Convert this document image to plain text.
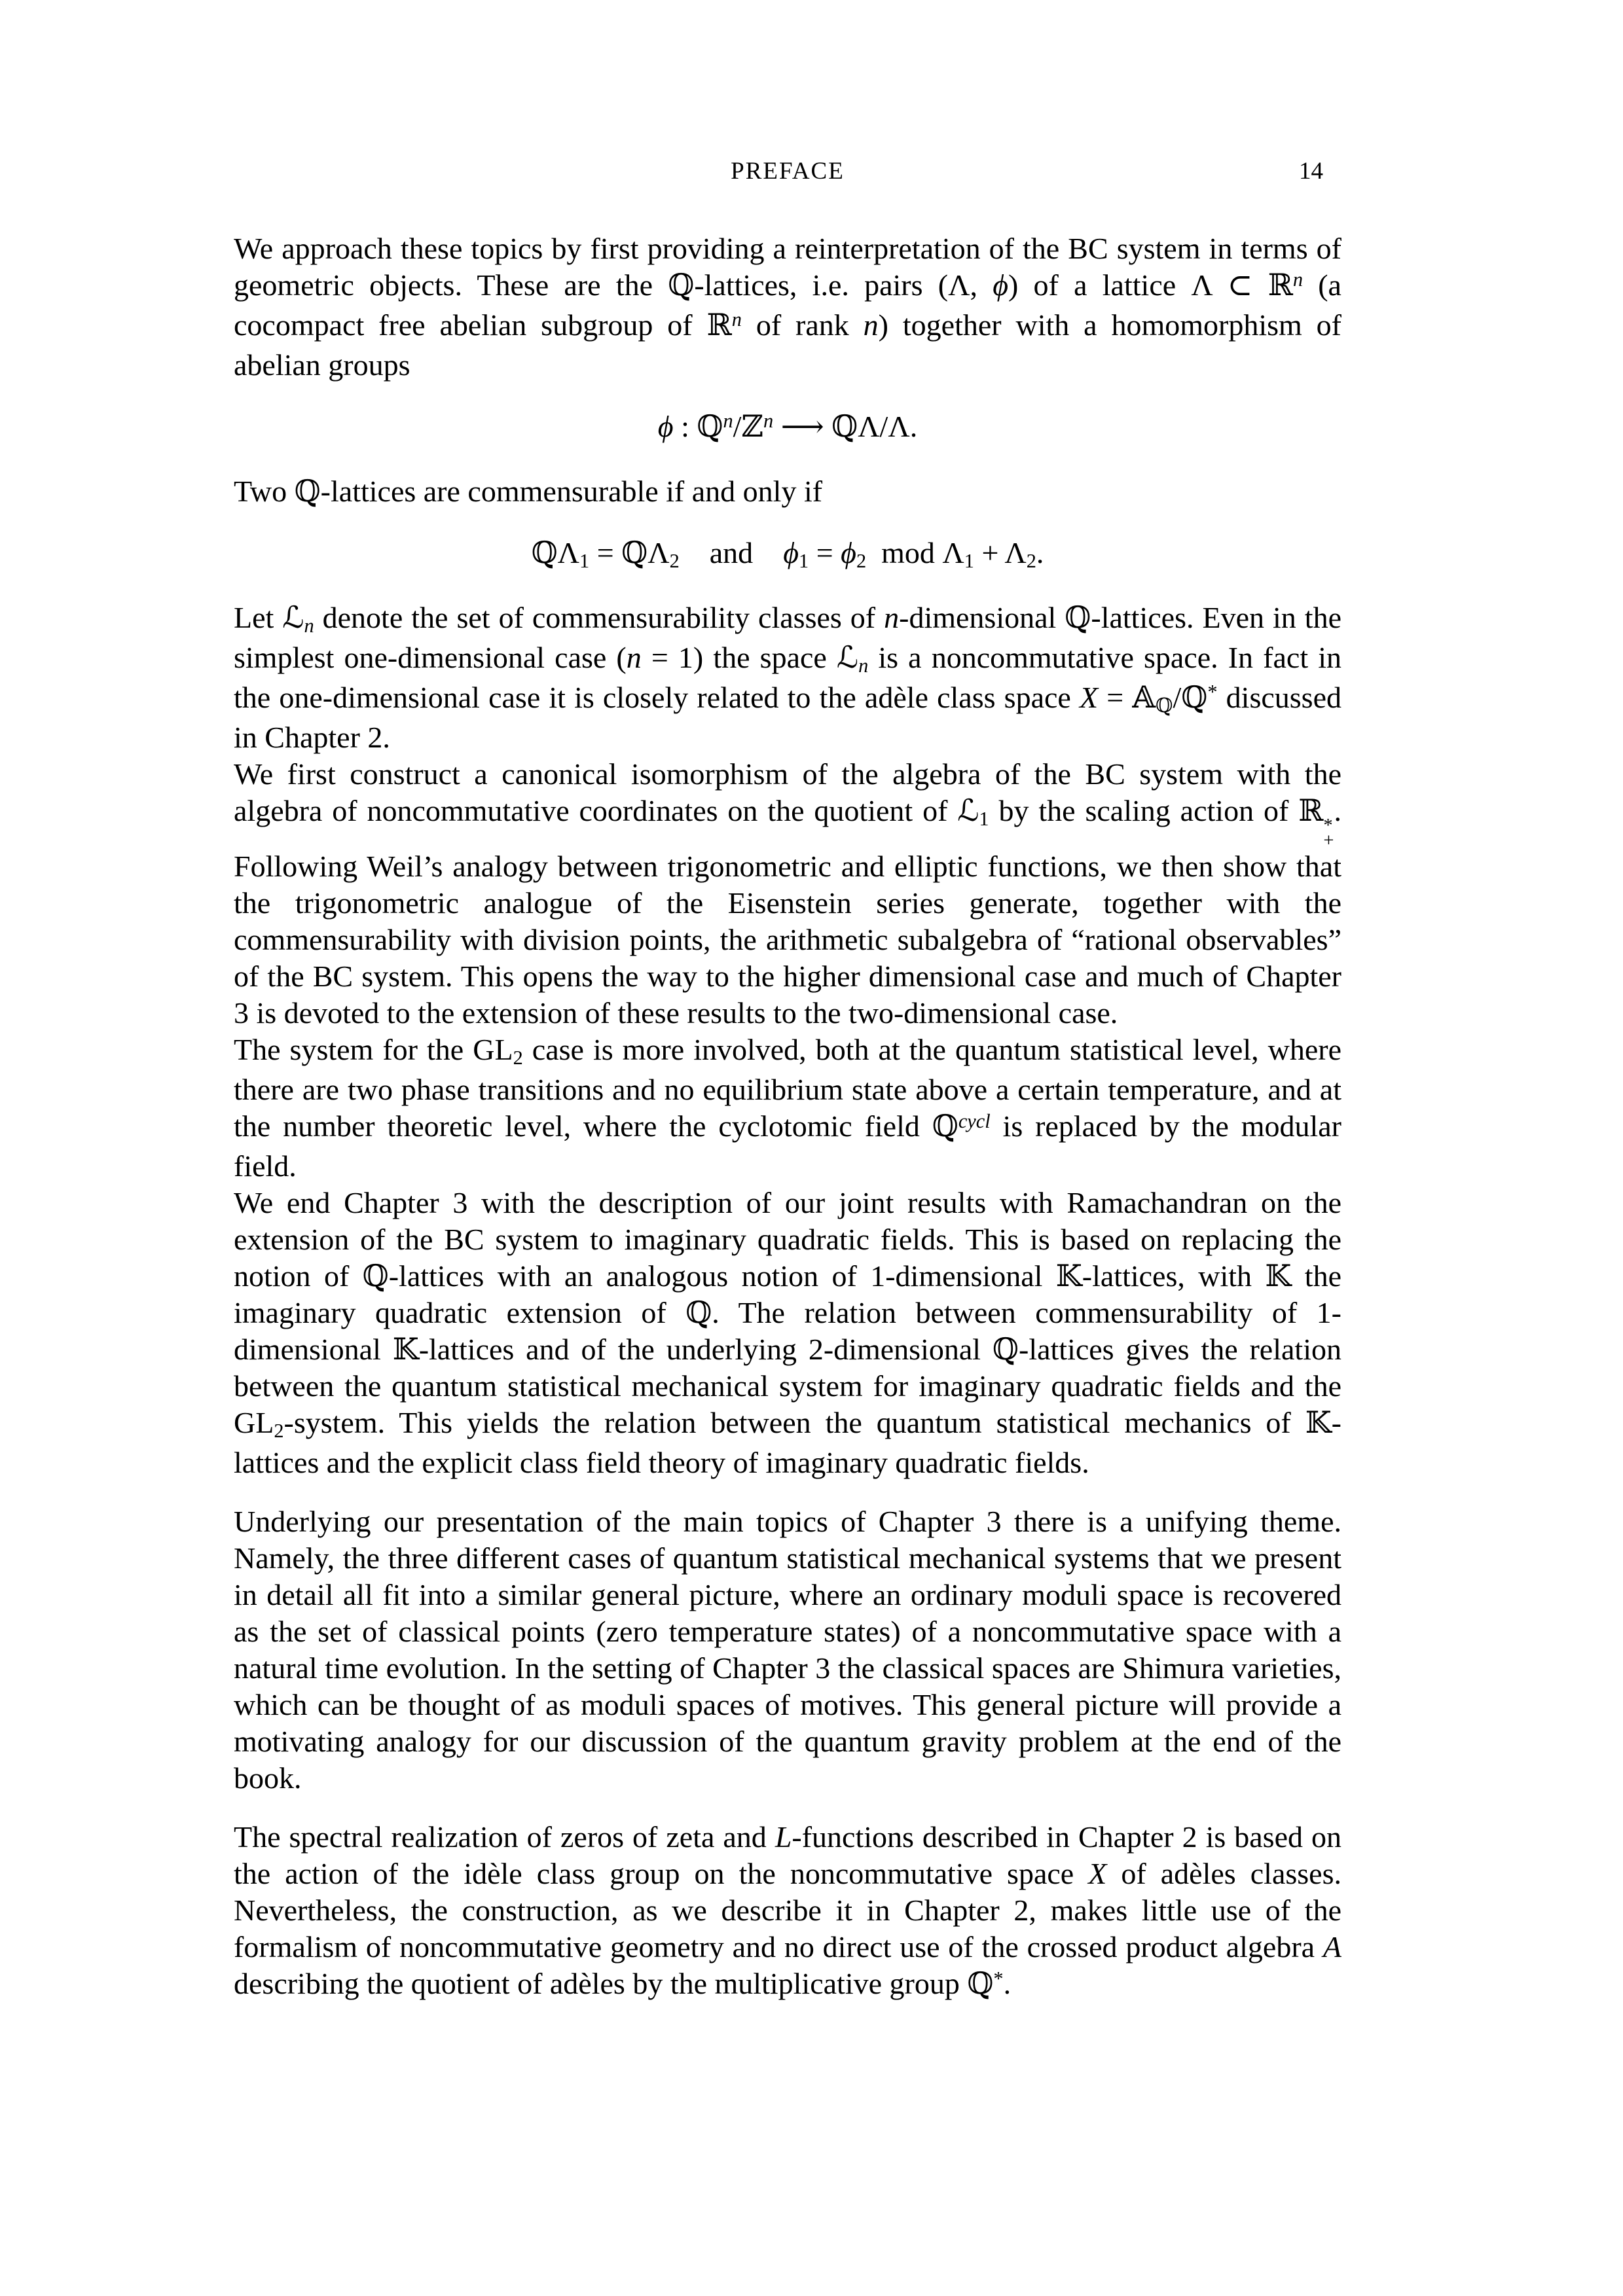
PREFACE	14
We approach these topics by first providing a reinterpretation of the BC system in terms of geometric objects. These are the ℚ-lattices, i.e. pairs (Λ, ϕ) of a lattice Λ ⊂ ℝ$^n$ (a cocompact free abelian subgroup of ℝ$^n$ of rank n) together with a homomorphism of abelian groups
ϕ : ℚ$^n$/ℤ$^n$ ⟶ ℚΛ/Λ.
Two ℚ-lattices are commensurable if and only if
ℚΛ1 = ℚΛ2 and ϕ1 = ϕ2 mod Λ1 + Λ2.
Let ℒn denote the set of commensurability classes of n-dimensional ℚ-lattices. Even in the simplest one-dimensional case (n = 1) the space ℒn is a noncommutative space. In fact in the one-dimensional case it is closely related to the adèle class space X = 𝔸ℚ/ℚ* discussed in Chapter 2.
We first construct a canonical isomorphism of the algebra of the BC system with the algebra of noncommutative coordinates on the quotient of ℒ1 by the scaling action of ℝ *
+
. Following Weil’s analogy between trigonometric and elliptic functions, we then show that the trigonometric analogue of the Eisenstein series generate, together with the commensurability with division points, the arithmetic subalgebra of “rational observables” of the BC system. This opens the way to the higher dimensional case and much of Chapter 3 is devoted to the extension of these results to the two-dimensional case.
The system for the GL2 case is more involved, both at the quantum statistical level, where there are two phase transitions and no equilibrium state above a certain temperature, and at the number theoretic level, where the cyclotomic field ℚ$^{cycl}$ is replaced by the modular field.
We end Chapter 3 with the description of our joint results with Ramachandran on the extension of the BC system to imaginary quadratic fields. This is based on replacing the notion of ℚ-lattices with an analogous notion of 1-dimensional 𝕂-lattices, with 𝕂 the imaginary quadratic extension of ℚ. The relation between commensurability of 1-dimensional 𝕂-lattices and of the underlying 2-dimensional ℚ-lattices gives the relation between the quantum statistical mechanical system for imaginary quadratic fields and the GL2-system. This yields the relation between the quantum statistical mechanics of 𝕂-lattices and the explicit class field theory of imaginary quadratic fields.
Underlying our presentation of the main topics of Chapter 3 there is a unifying theme. Namely, the three different cases of quantum statistical mechanical systems that we present in detail all fit into a similar general picture, where an ordinary moduli space is recovered as the set of classical points (zero temperature states) of a noncommutative space with a natural time evolution. In the setting of Chapter 3 the classical spaces are Shimura varieties, which can be thought of as moduli spaces of motives. This general picture will provide a motivating analogy for our discussion of the quantum gravity problem at the end of the book.
The spectral realization of zeros of zeta and L-functions described in Chapter 2 is based on the action of the idèle class group on the noncommutative space X of adèles classes. Nevertheless, the construction, as we describe it in Chapter 2, makes little use of the formalism of noncommutative geometry and no direct use of the crossed product algebra A describing the quotient of adèles by the multiplicative group ℚ*.
